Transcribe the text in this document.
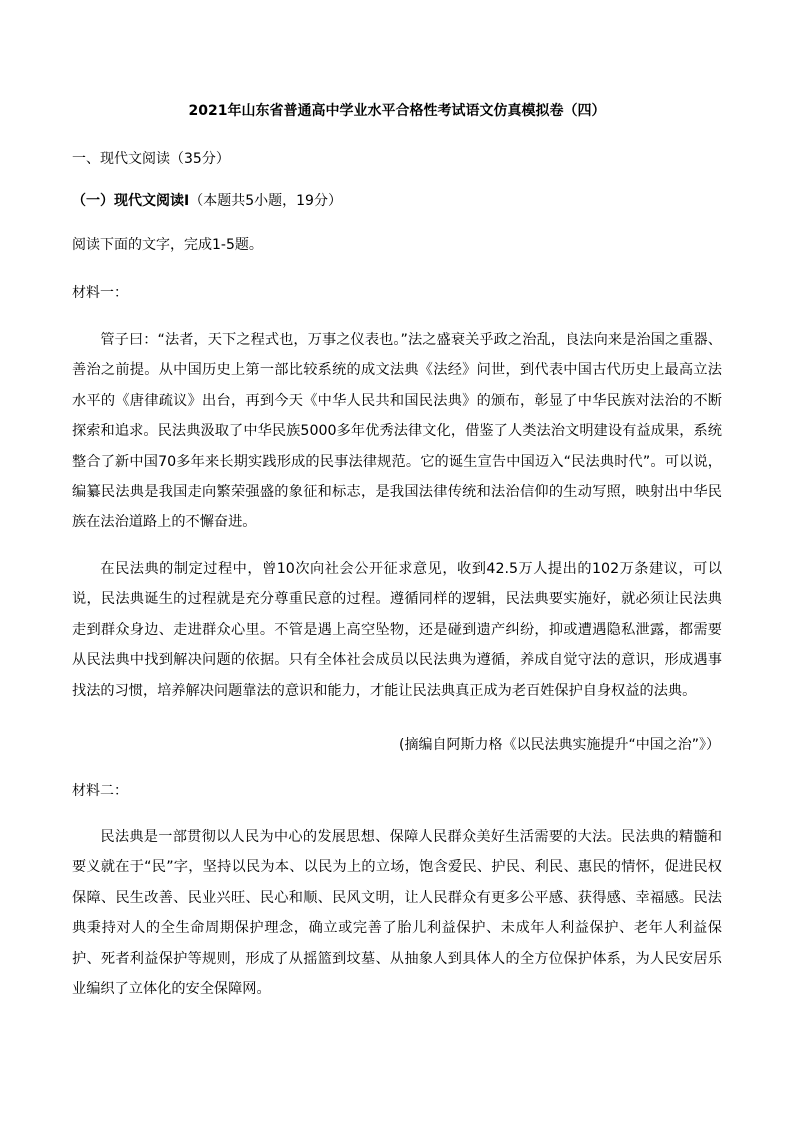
2021年山东省普通高中学业水平合格性考试语文仿真模拟卷（四）
一、现代文阅读（35分）
（一）现代文阅读Ⅰ（本题共5小题，19分）
阅读下面的文字，完成1-5题。
材料一：
管子曰：“法者，天下之程式也，万事之仪表也。”法之盛衰关乎政之治乱，良法向来是治国之重器、善治之前提。从中国历史上第一部比较系统的成文法典《法经》问世，到代表中国古代历史上最高立法水平的《唐律疏议》出台，再到今天《中华人民共和国民法典》的颁布，彰显了中华民族对法治的不断探索和追求。民法典汲取了中华民族5000多年优秀法律文化，借鉴了人类法治文明建设有益成果，系统整合了新中国70多年来长期实践形成的民事法律规范。它的诞生宣告中国迈入“民法典时代”。可以说，编纂民法典是我国走向繁荣强盛的象征和标志，是我国法律传统和法治信仰的生动写照，映射出中华民族在法治道路上的不懈奋进。
在民法典的制定过程中，曾10次向社会公开征求意见，收到42.5万人提出的102万条建议，可以说，民法典诞生的过程就是充分尊重民意的过程。遵循同样的逻辑，民法典要实施好，就必须让民法典走到群众身边、走进群众心里。不管是遇上高空坠物，还是碰到遗产纠纷，抑或遭遇隐私泄露，都需要从民法典中找到解决问题的依据。只有全体社会成员以民法典为遵循，养成自觉守法的意识，形成遇事找法的习惯，培养解决问题靠法的意识和能力，才能让民法典真正成为老百姓保护自身权益的法典。
(摘编自阿斯力格《以民法典实施提升“中国之治”》）
材料二：
民法典是一部贯彻以人民为中心的发展思想、保障人民群众美好生活需要的大法。民法典的精髓和要义就在于“民”字，坚持以民为本、以民为上的立场，饱含爱民、护民、利民、惠民的情怀，促进民权保障、民生改善、民业兴旺、民心和顺、民风文明，让人民群众有更多公平感、获得感、幸福感。民法典秉持对人的全生命周期保护理念，确立或完善了胎儿利益保护、未成年人利益保护、老年人利益保护、死者利益保护等规则，形成了从摇篮到坟墓、从抽象人到具体人的全方位保护体系，为人民安居乐业编织了立体化的安全保障网。
